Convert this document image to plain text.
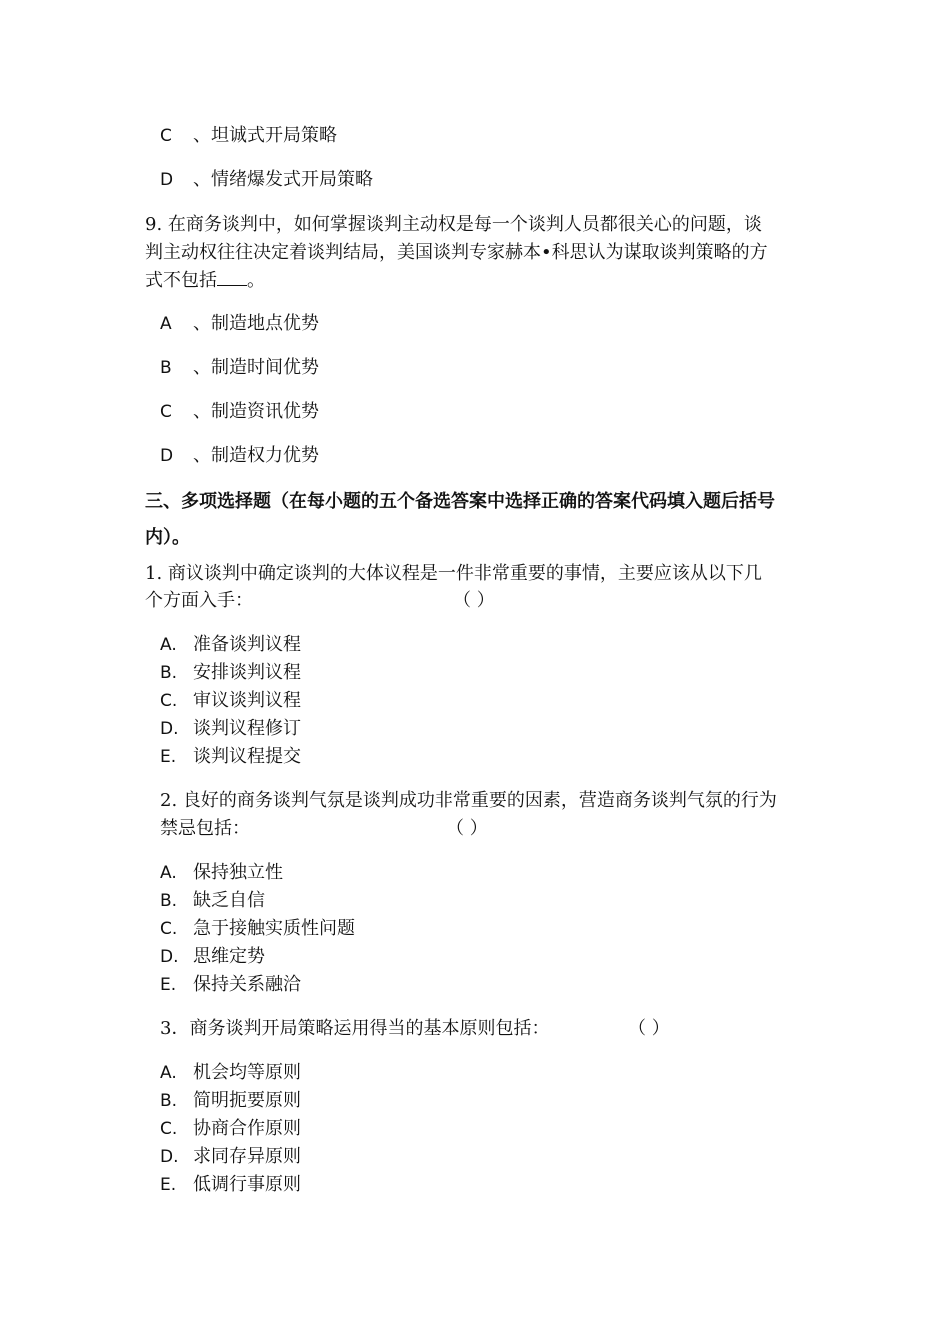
C 、坦诚式开局策略
D 、情绪爆发式开局策略
9. 在商务谈判中，如何掌握谈判主动权是每一个谈判人员都很关心的问题，谈
判主动权往往决定着谈判结局，美国谈判专家赫本•科思认为谋取谈判策略的方
式不包括 。
A 、制造地点优势
B 、制造时间优势
C 、制造资讯优势
D 、制造权力优势
三、多项选择题（在每小题的五个备选答案中选择正确的答案代码填入题后括号
内）。
1. 商议谈判中确定谈判的大体议程是一件非常重要的事情，主要应该从以下几
个方面入手：	（ ）
A. 准备谈判议程
B. 安排谈判议程
C. 审议谈判议程
D. 谈判议程修订
E. 谈判议程提交
2. 良好的商务谈判气氛是谈判成功非常重要的因素，营造商务谈判气氛的行为
禁忌包括：	（ ）
A. 保持独立性
B. 缺乏自信
C. 急于接触实质性问题
D. 思维定势
E. 保持关系融洽
3．商务谈判开局策略运用得当的基本原则包括：	（ ）
A. 机会均等原则
B. 简明扼要原则
C. 协商合作原则
D. 求同存异原则
E. 低调行事原则
